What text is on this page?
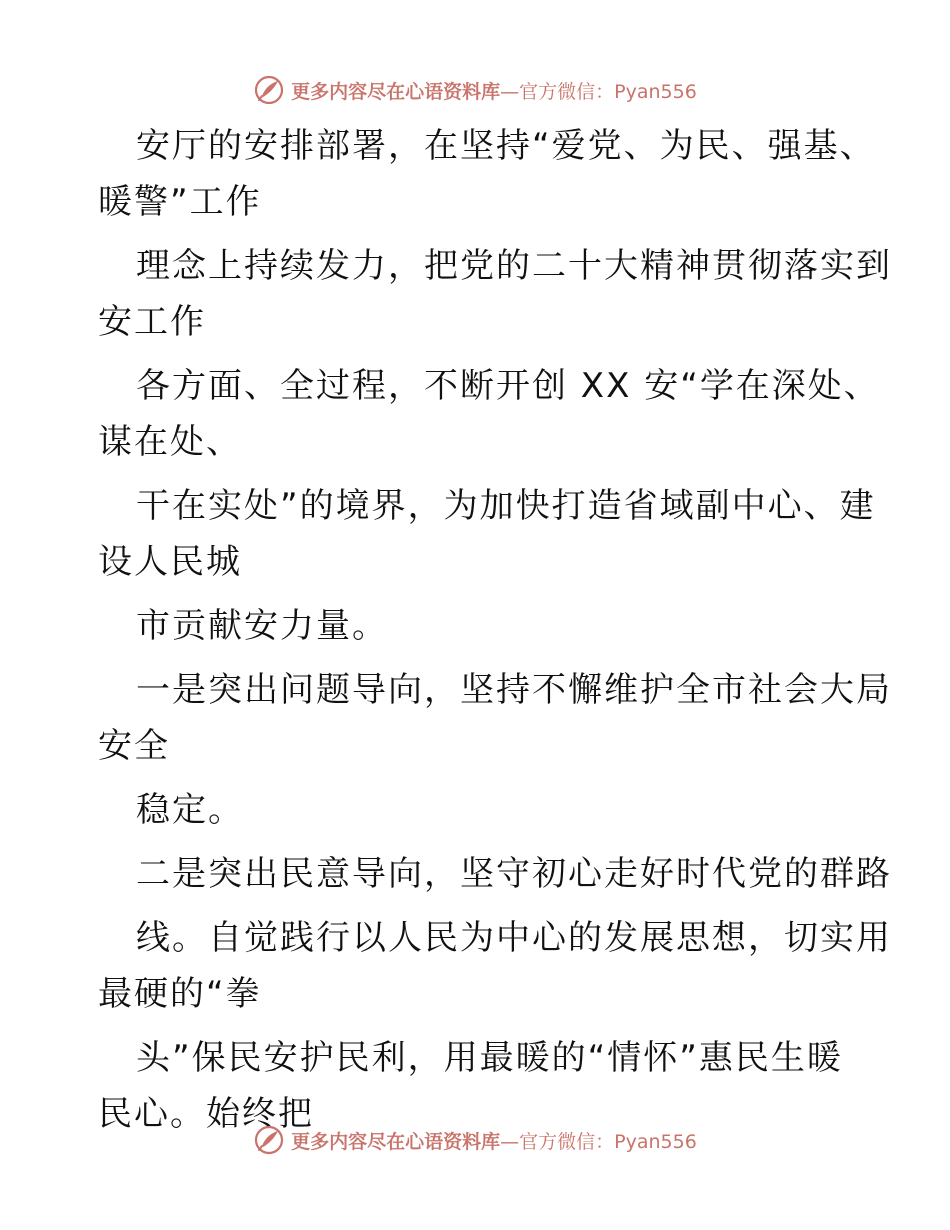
更多内容尽在心语资料库 —官方微信：Pyan556
安厅的安排部署，在坚持“爱党、为民、强基、
暖警”工作
理念上持续发力，把党的二十大精神贯彻落实到
安工作
各方面、全过程，不断开创 XX 安“学在深处、
谋在处、
干在实处”的境界，为加快打造省域副中心、建
设人民城
市贡献安力量。
一是突出问题导向，坚持不懈维护全市社会大局
安全
稳定。
二是突出民意导向，坚守初心走好时代党的群路
线。自觉践行以人民为中心的发展思想，切实用
最硬的“拳
头”保民安护民利，用最暖的“情怀”惠民生暖
民心。始终把
更多内容尽在心语资料库 —官方微信：Pyan556
